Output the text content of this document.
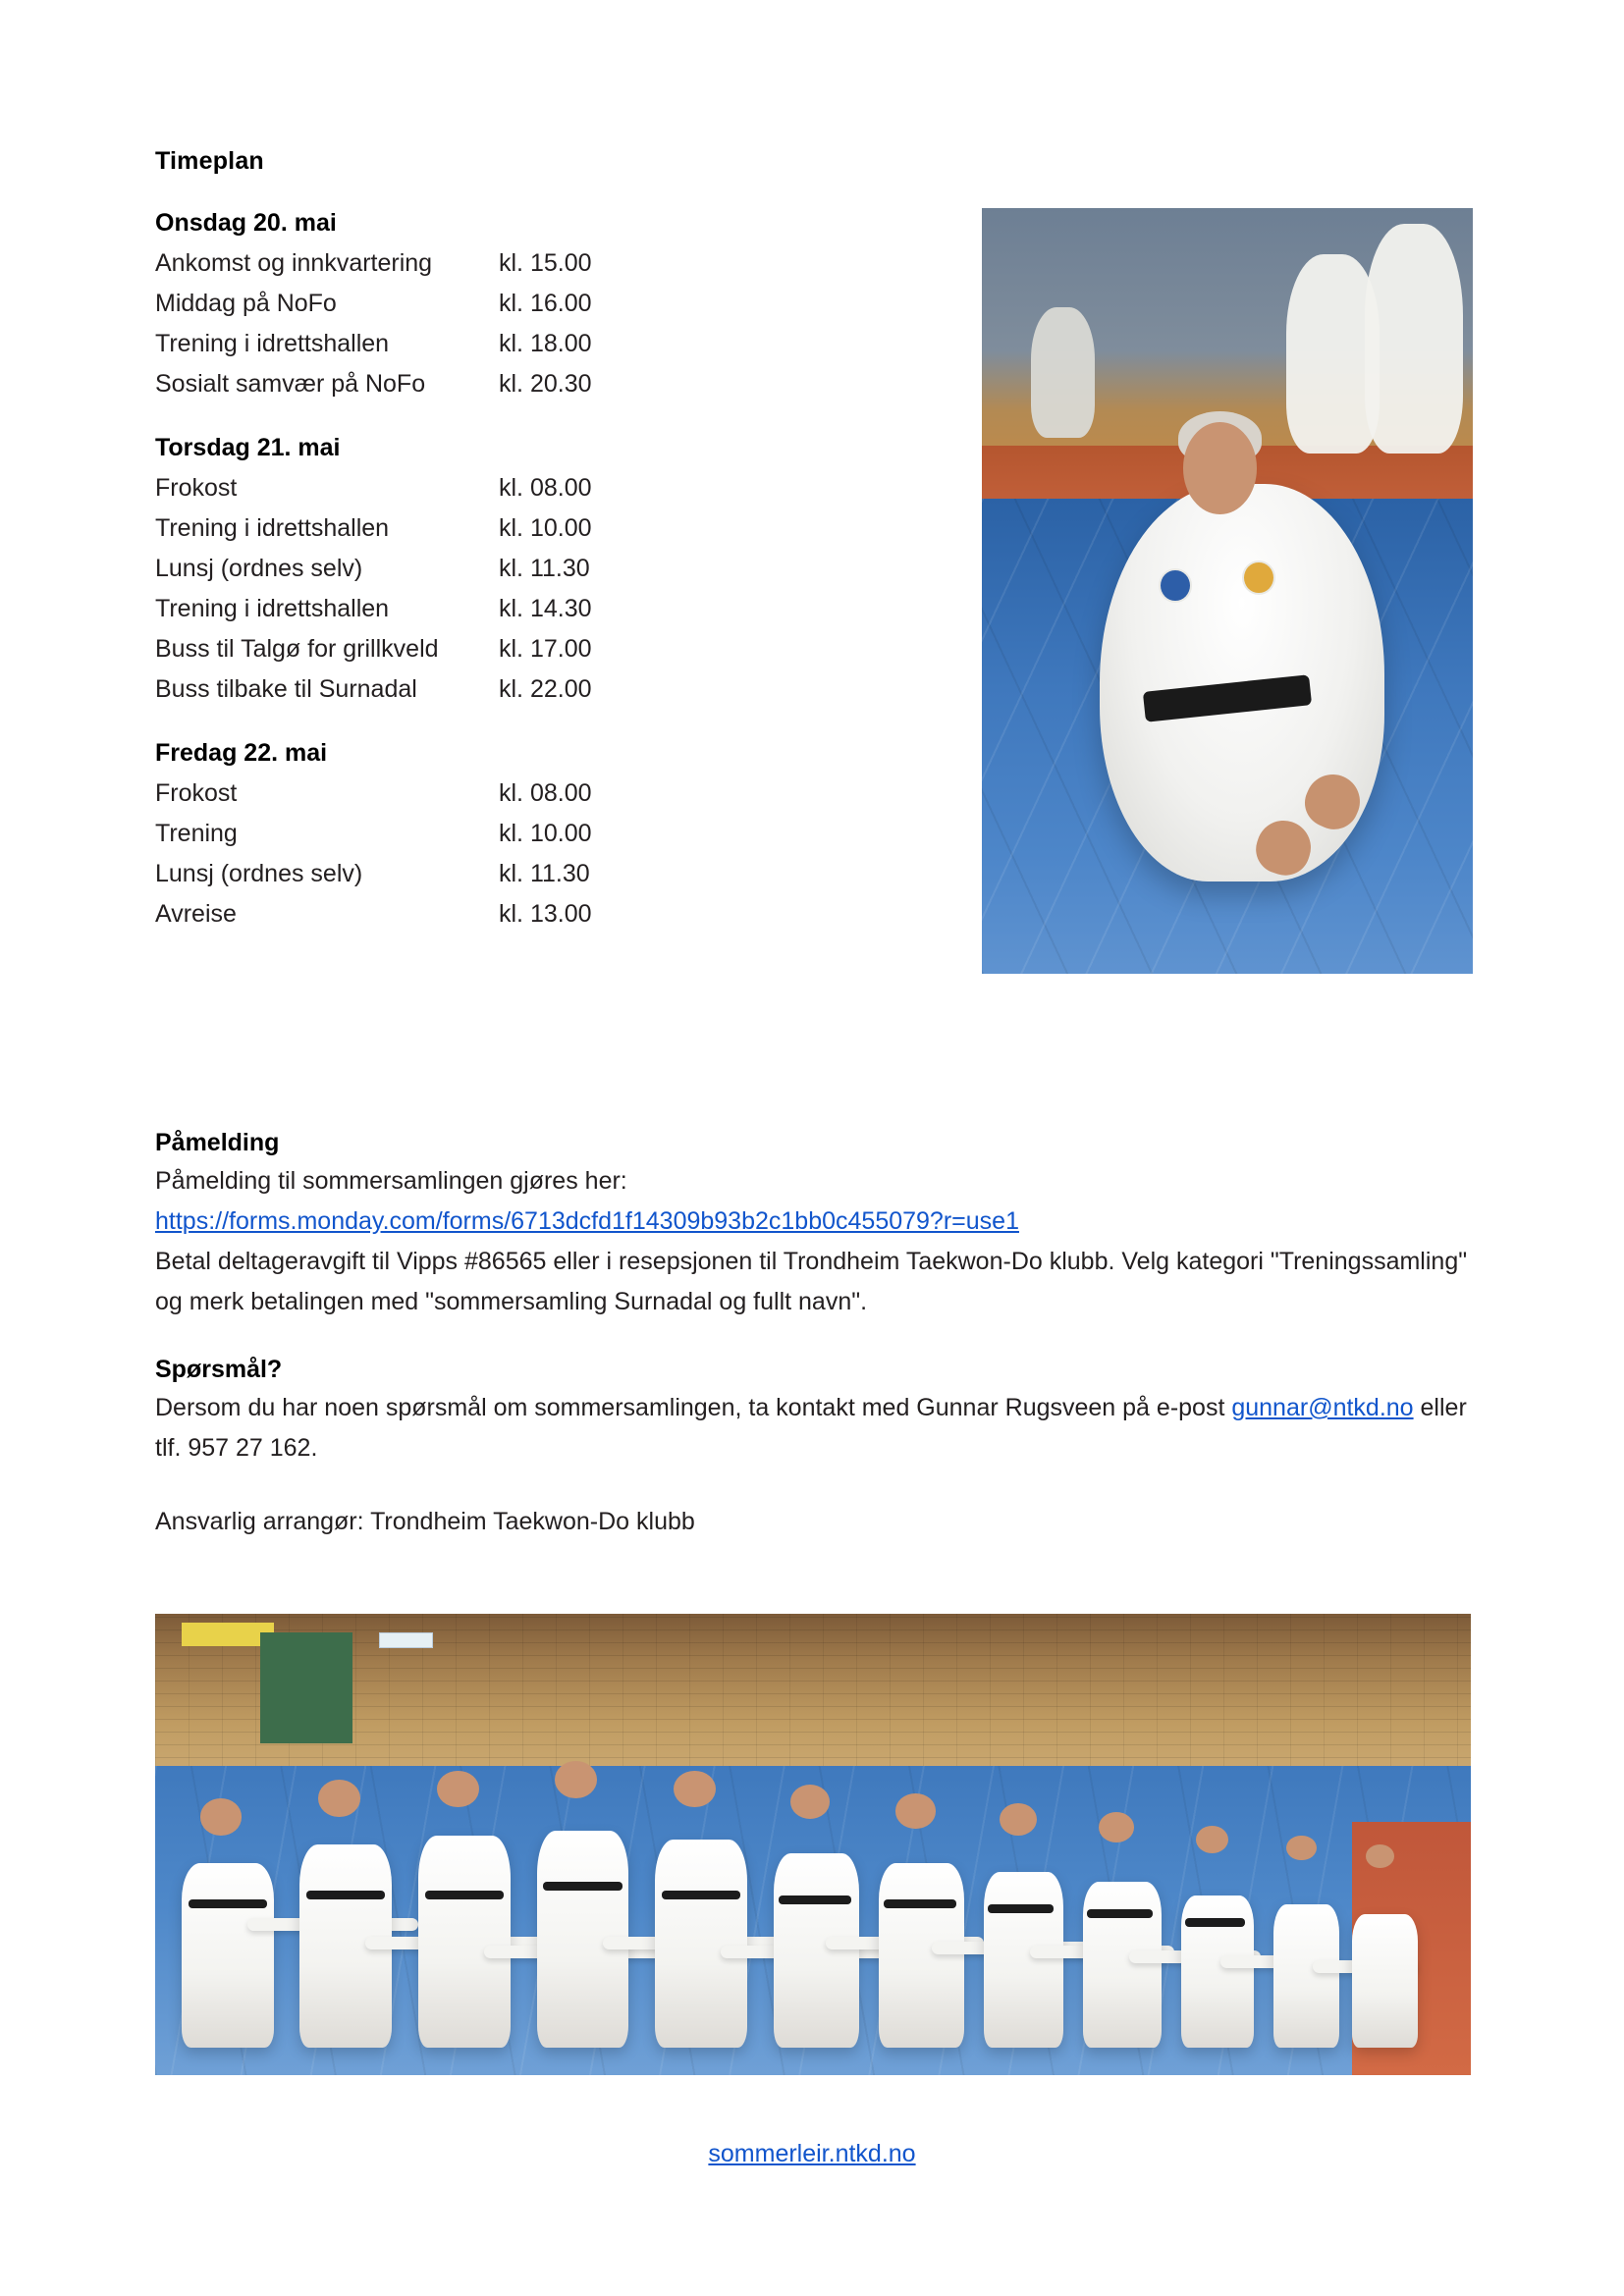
Timeplan
Onsdag 20. mai
Ankomst og innkvartering	kl. 15.00
Middag på NoFo	kl. 16.00
Trening i idrettshallen	kl. 18.00
Sosialt samvær på NoFo	kl. 20.30
Torsdag 21. mai
Frokost	kl. 08.00
Trening i idrettshallen	kl. 10.00
Lunsj (ordnes selv)	kl. 11.30
Trening i idrettshallen	kl. 14.30
Buss til Talgø for grillkveld	kl. 17.00
Buss tilbake til Surnadal	kl. 22.00
Fredag 22. mai
Frokost	kl. 08.00
Trening	kl. 10.00
Lunsj (ordnes selv)	kl. 11.30
Avreise	kl. 13.00
Påmelding

Påmelding til sommersamlingen gjøres her:

https://forms.monday.com/forms/6713dcfd1f14309b93b2c1bb0c455079?r=use1

Betal deltageravgift til Vipps #86565 eller i resepsjonen til Trondheim Taekwon-Do klubb. Velg kategori "Treningssamling" og merk betalingen med "sommersamling Surnadal og fullt navn".

Spørsmål?

Dersom du har noen spørsmål om sommersamlingen, ta kontakt med Gunnar Rugsveen på e-post gunnar@ntkd.no eller tlf. 957 27 162.

Ansvarlig arrangør: Trondheim Taekwon-Do klubb

sommerleir.ntkd.no
